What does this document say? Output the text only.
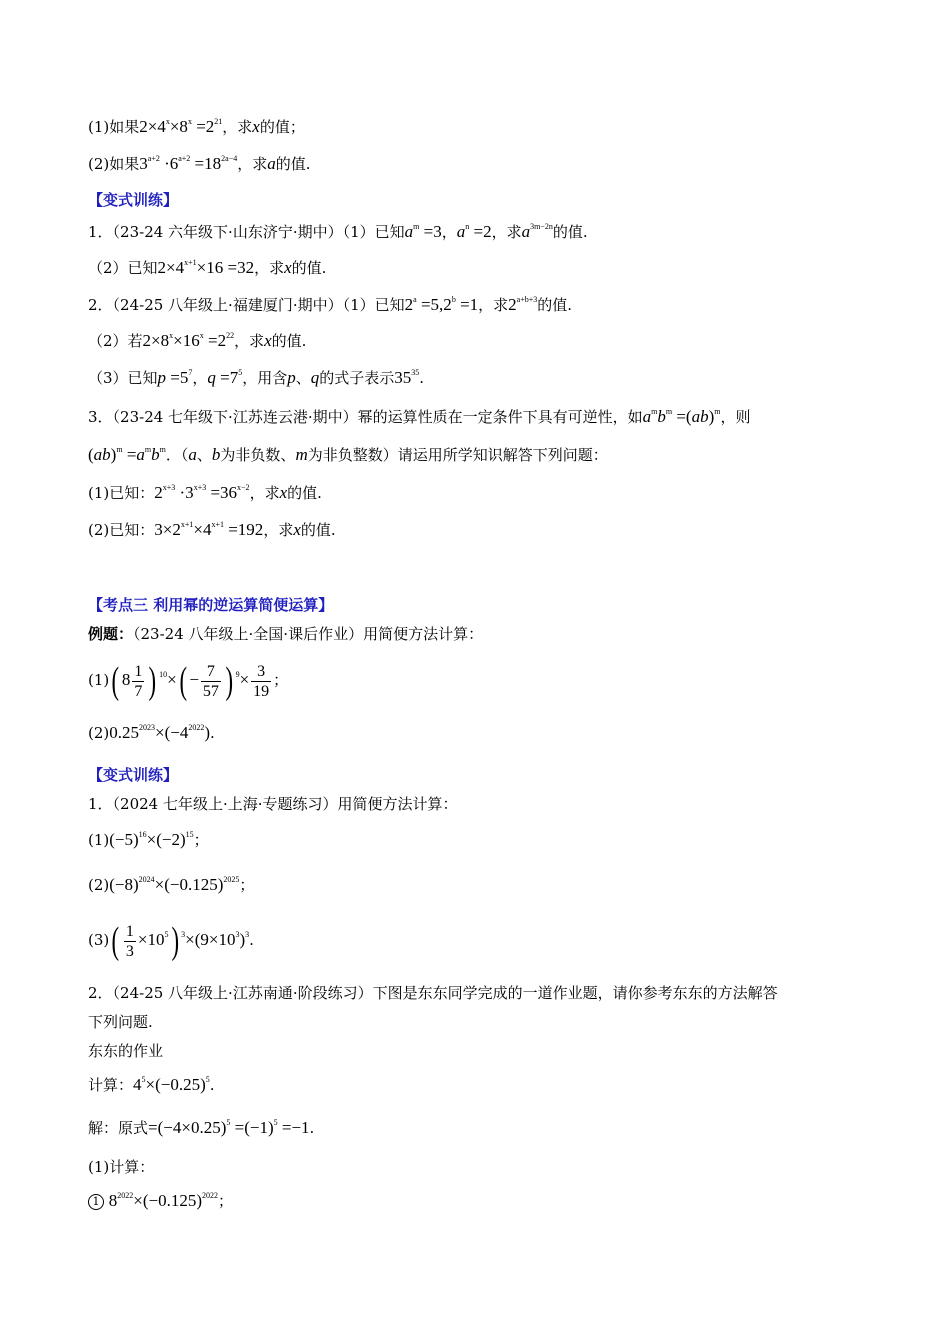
(1)如果$2\times 4^x\times 8^x =2^{21}$，求x的值；
(2)如果$3^{a+2} \cdot 6^{a+2} =18^{2a-4}$，求a的值.
【变式训练】
1．（23-24 六年级下·山东济宁·期中）（1）已知$a^m =3$，$a^n =2$，求$a^{3m-2n}$的值.
（2）已知$2\times 4^{x+1}\times 16 =32$，求x的值.
2．（24-25 八年级上·福建厦门·期中）（1）已知$2^a =5,2^b =1$，求$2^{a+b+3}$的值.
（2）若$2\times 8^x\times 16^x =2^{22}$，求x的值.
（3）已知$p =5^7$，$q =7^5$，用含p、q的式子表示$35^{35}$.
3．（23-24 七年级下·江苏连云港·期中）幂的运算性质在一定条件下具有可逆性，如$a^mb^m =(ab)^m$，则
$(ab)^m =a^mb^m$．（a、b为非负数、m为非负整数）请运用所学知识解答下列问题：
(1)已知：$2^{x+3} \cdot 3^{x+3} =36^{x-2}$，求x的值.
(2)已知：$3\times 2^{x+1}\times 4^{x+1} =192$，求x的值.
【考点三 利用幂的逆运算简便运算】
例题：（23-24 八年级上·全国·课后作业）用简便方法计算：
(1)( $8 \frac{1}{7}$ ) $^{10}\times( - \frac{7}{57}$ ) $^9\times \frac{3}{19}$ ；
$(2)0.25^{2023}\times(-4^{2022})$.
【变式训练】
1．（2024 七年级上·上海·专题练习）用简便方法计算：
$(1)(-5)^{16}\times(-2)^{15}$；
$(2)(-8)^{2024}\times(-0.125)^{2025}$；
$(3)( \frac{1}{3} \times 10^5)$ $^3\times(9\times 10^3)^3$.
2．（24-25 八年级上·江苏南通·阶段练习）下图是东东同学完成的一道作业题，请你参考东东的方法解答
下列问题.
东东的作业
计算：$4^5\times(-0.25)^5$.
解：原式$=(-4\times 0.25)^5 =(-1)^5 =-1$.
(1)计算：
1 $8^{2022}\times(-0.125)^{2022}$；
